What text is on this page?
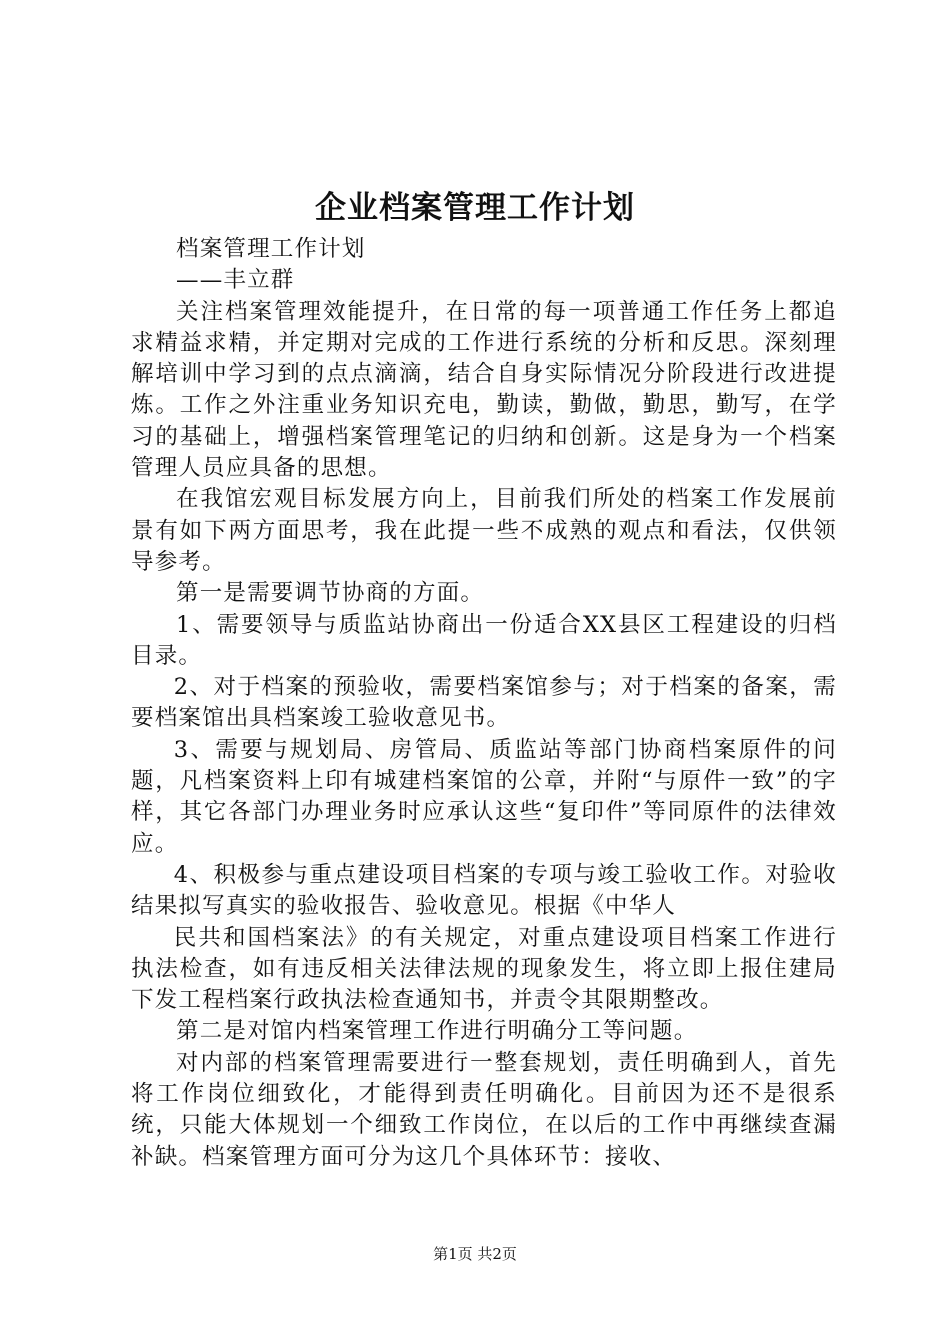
企业档案管理工作计划

档案管理工作计划

——丰立群

关注档案管理效能提升，在日常的每一项普通工作任务上都追求精益求精，并定期对完成的工作进行系统的分析和反思。深刻理解培训中学习到的点点滴滴，结合自身实际情况分阶段进行改进提炼。工作之外注重业务知识充电，勤读，勤做，勤思，勤写，在学习的基础上，增强档案管理笔记的归纳和创新。这是身为一个档案管理人员应具备的思想。

在我馆宏观目标发展方向上，目前我们所处的档案工作发展前景有如下两方面思考，我在此提一些不成熟的观点和看法，仅供领导参考。

第一是需要调节协商的方面。

1、需要领导与质监站协商出一份适合XX县区工程建设的归档目录。

2、对于档案的预验收，需要档案馆参与；对于档案的备案，需要档案馆出具档案竣工验收意见书。

3、需要与规划局、房管局、质监站等部门协商档案原件的问题，凡档案资料上印有城建档案馆的公章，并附“与原件一致”的字样，其它各部门办理业务时应承认这些“复印件”等同原件的法律效应。

4、积极参与重点建设项目档案的专项与竣工验收工作。对验收结果拟写真实的验收报告、验收意见。根据《中华人

民共和国档案法》的有关规定，对重点建设项目档案工作进行执法检查，如有违反相关法律法规的现象发生，将立即上报住建局下发工程档案行政执法检查通知书，并责令其限期整改。

第二是对馆内档案管理工作进行明确分工等问题。

对内部的档案管理需要进行一整套规划，责任明确到人，首先将工作岗位细致化，才能得到责任明确化。目前因为还不是很系统，只能大体规划一个细致工作岗位，在以后的工作中再继续查漏补缺。档案管理方面可分为这几个具体环节：接收、

第1页 共2页
